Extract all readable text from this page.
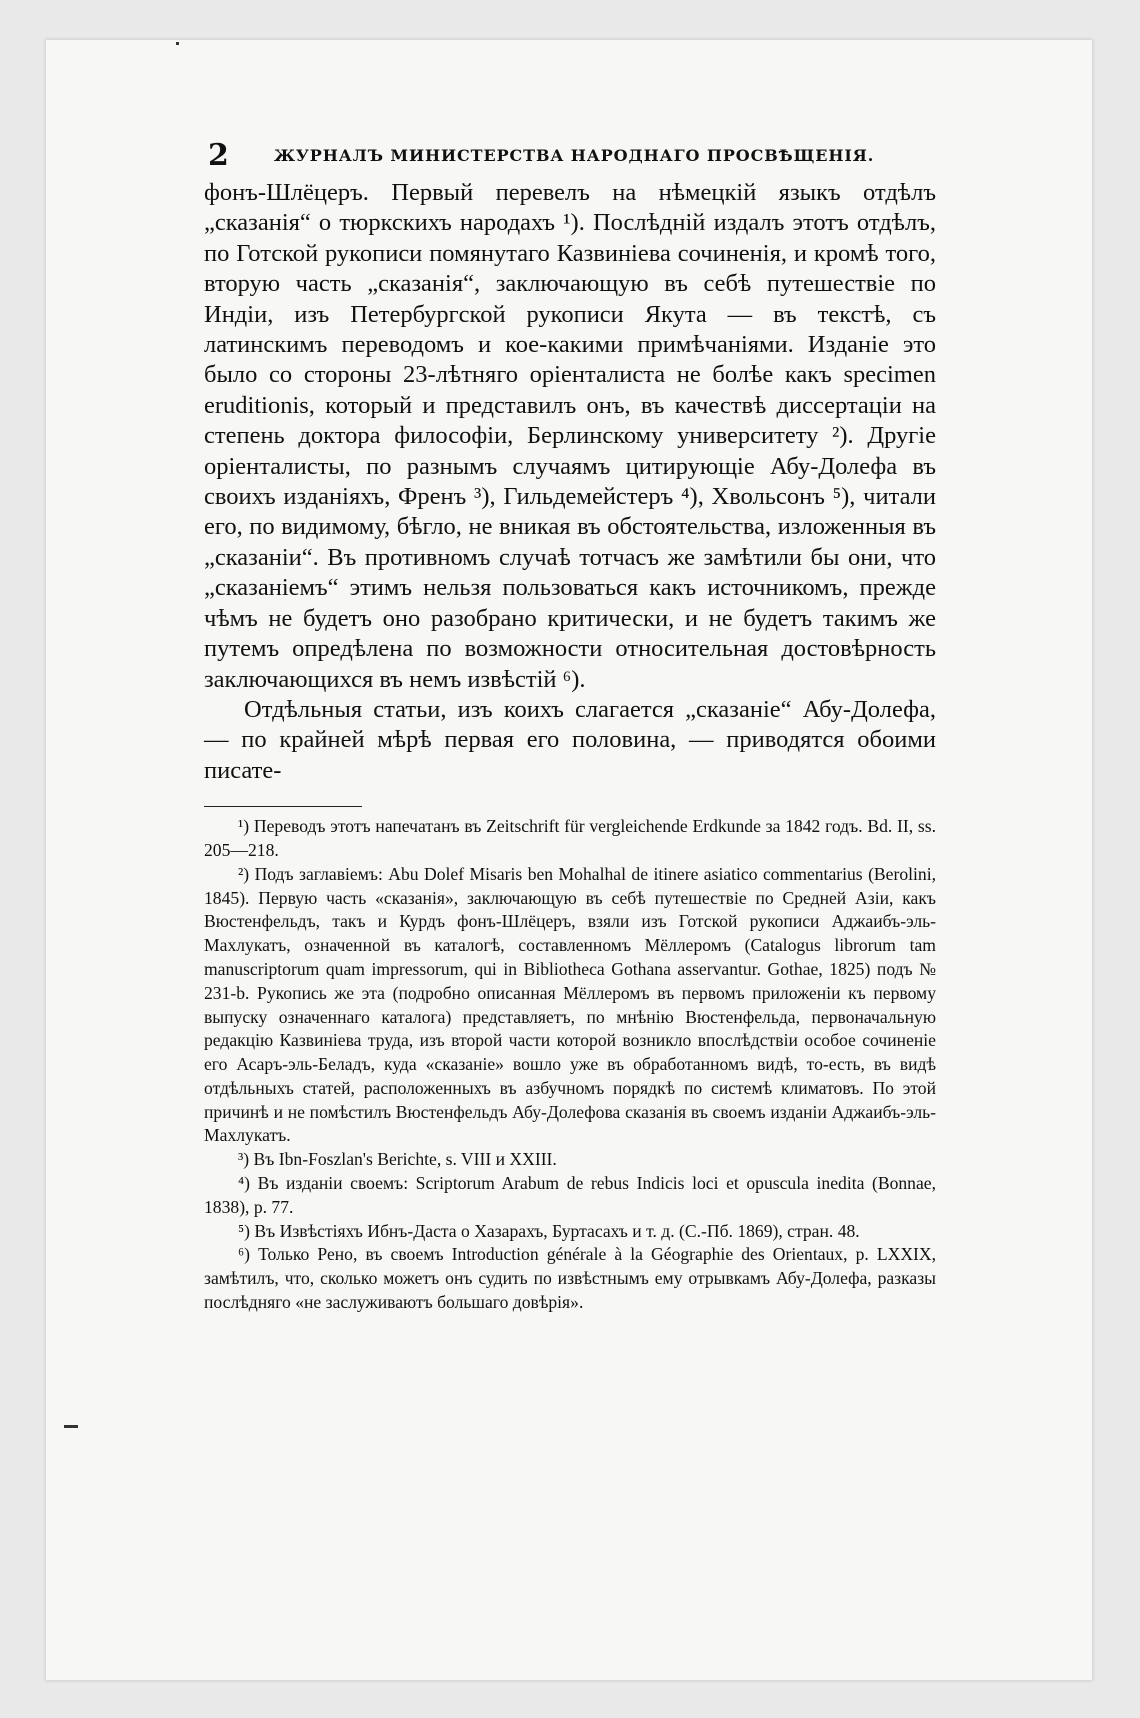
2	ЖУРНАЛЪ МИНИСТЕРСТВА НАРОДНАГО ПРОСВѢЩЕНІЯ.

фонъ-Шлёцеръ. Первый перевелъ на нѣмецкій языкъ отдѣлъ „сказанія“ о тюркскихъ народахъ ¹). Послѣдній издалъ этотъ отдѣлъ, по Готской рукописи помянутаго Казвиніева сочиненія, и кромѣ того, вторую часть „сказанія“, заключающую въ себѣ путешествіе по Индіи, изъ Петербургской рукописи Якута — въ текстѣ, съ латинскимъ переводомъ и кое-какими примѣчаніями. Изданіе это было со стороны 23-лѣтняго оріенталиста не болѣе какъ specimen eruditionis, который и представилъ онъ, въ качествѣ диссертаціи на степень доктора философіи, Берлинскому университету ²). Другіе оріенталисты, по разнымъ случаямъ цитирующіе Абу-Долефа въ своихъ изданіяхъ, Френъ ³), Гильдемейстеръ ⁴), Хвольсонъ ⁵), читали его, по видимому, бѣгло, не вникая въ обстоятельства, изложенныя въ „сказаніи“. Въ противномъ случаѣ тотчасъ же замѣтили бы они, что „сказаніемъ“ этимъ нельзя пользоваться какъ источникомъ, прежде чѣмъ не будетъ оно разобрано критически, и не будетъ такимъ же путемъ опредѣлена по возможности относительная достовѣрность заключающихся въ немъ извѣстій ⁶).

Отдѣльныя статьи, изъ коихъ слагается „сказаніе“ Абу-Долефа, — по крайней мѣрѣ первая его половина, — приводятся обоими писате-

¹) Переводъ этотъ напечатанъ въ Zeitschrift für vergleichende Erdkunde за 1842 годъ. Bd. II, ss. 205—218.

²) Подъ заглавіемъ: Abu Dolef Misaris ben Mohalhal de itinere asiatico commentarius (Berolini, 1845). Первую часть «сказанія», заключающую въ себѣ путешествіе по Средней Азіи, какъ Вюстенфельдъ, такъ и Курдъ фонъ-Шлёцеръ, взяли изъ Готской рукописи Аджаибъ-эль-Махлукатъ, означенной въ каталогѣ, составленномъ Мёллеромъ (Catalogus librorum tam manuscriptorum quam impressorum, qui in Bibliotheca Gothana asservantur. Gothae, 1825) подъ № 231-b. Рукопись же эта (подробно описанная Мёллеромъ въ первомъ приложеніи къ первому выпуску означеннаго каталога) представляетъ, по мнѣнію Вюстенфельда, первоначальную редакцію Казвиніева труда, изъ второй части которой возникло впослѣдствіи особое сочиненіе его Асаръ-эль-Беладъ, куда «сказаніе» вошло уже въ обработанномъ видѣ, то-есть, въ видѣ отдѣльныхъ статей, расположенныхъ въ азбучномъ порядкѣ по системѣ климатовъ. По этой причинѣ и не помѣстилъ Вюстенфельдъ Абу-Долефова сказанія въ своемъ изданіи Аджаибъ-эль-Махлукатъ.

³) Въ Ibn-Foszlan's Berichte, s. VIII и XXIII.

⁴) Въ изданіи своемъ: Scriptorum Arabum de rebus Indicis loci et opuscula inedita (Bonnae, 1838), p. 77.

⁵) Въ Извѣстіяхъ Ибнъ-Даста о Хазарахъ, Буртасахъ и т. д. (С.-Пб. 1869), стран. 48.

⁶) Только Рено, въ своемъ Introduction générale à la Géographie des Orientaux, p. LXXIX, замѣтилъ, что, сколько можетъ онъ судить по извѣстнымъ ему отрывкамъ Абу-Долефа, разказы послѣдняго «не заслуживаютъ большаго довѣрія».
